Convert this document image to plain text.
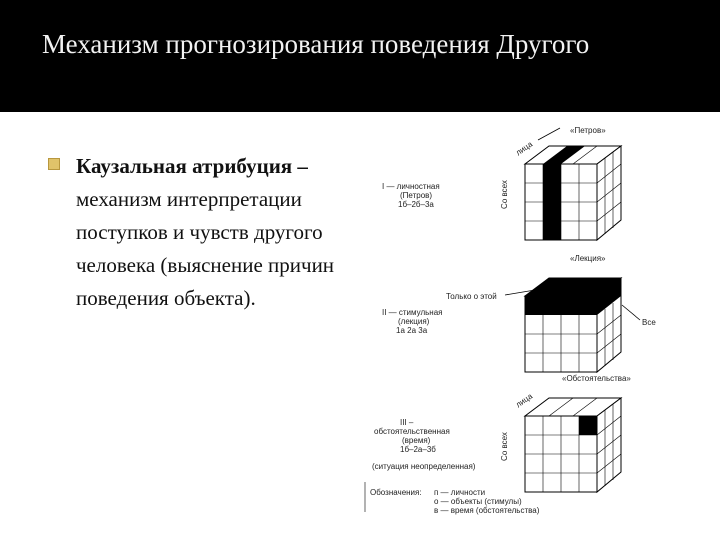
Механизм прогнозирования поведения Другого
Каузальная атрибуция – механизм интерпретации поступков и чувств другого человека (выяснение причин поведения объекта).
«Петров»
I — личностная
(Петров)
1б–2б–3а	Со всех
лица
«Лекция»
Только о этой
Все
II — стимульная
(лекция)
1а 2а 3а
«Обстоятельства»
III –
обстоятельственная
(время)
1б–2а–3б
(ситуация неопределенная)
Со всех
лица
Обозначения: п — личности
о — объекты (стимулы)
в — время (обстоятельства)
